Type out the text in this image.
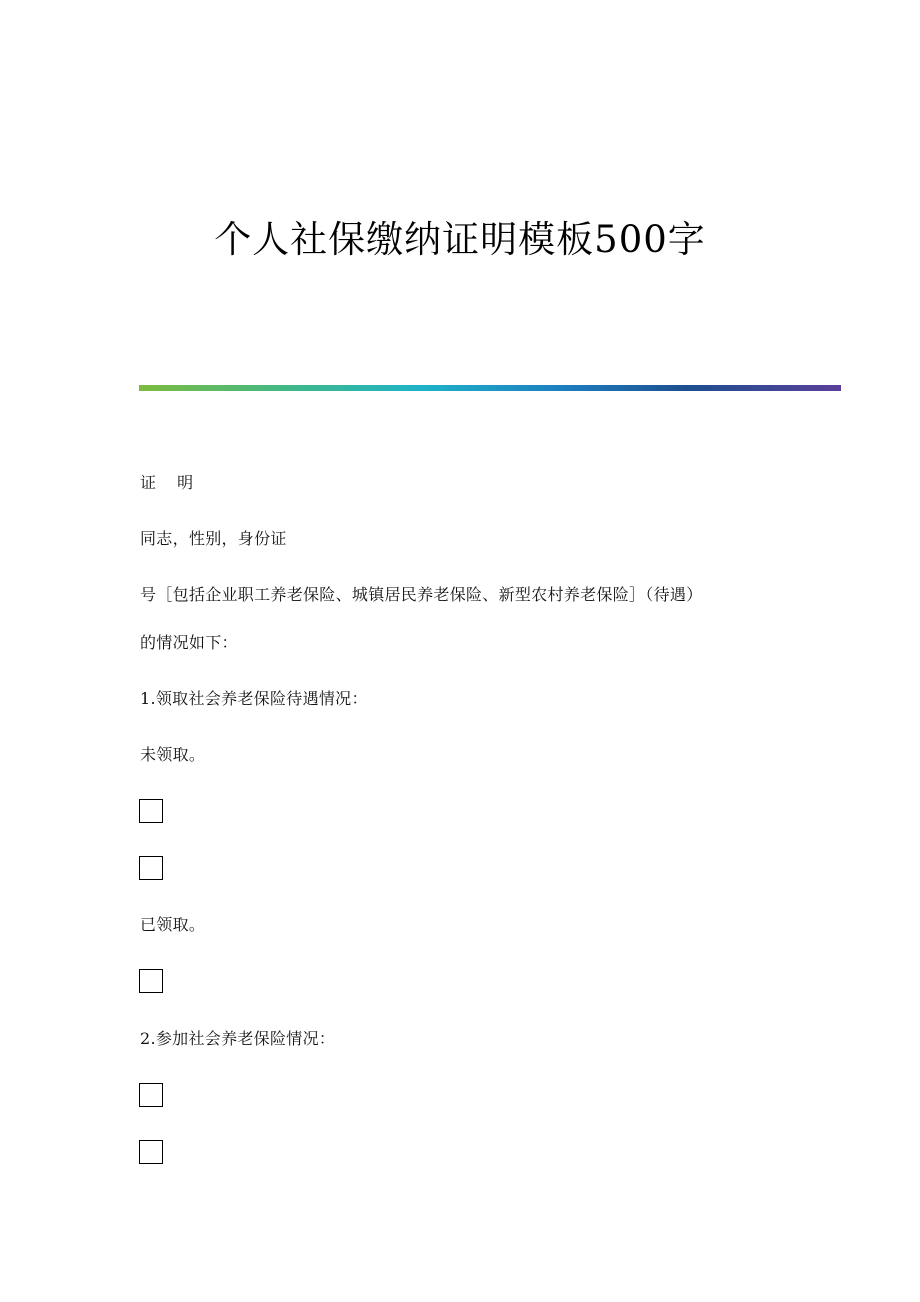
个人社保缴纳证明模板500字
证 明
同志，性别，身份证
号［包括企业职工养老保险、城镇居民养老保险、新型农村养老保险］（待遇）
的情况如下：
1.领取社会养老保险待遇情况：
未领取。
已领取。
2.参加社会养老保险情况：
